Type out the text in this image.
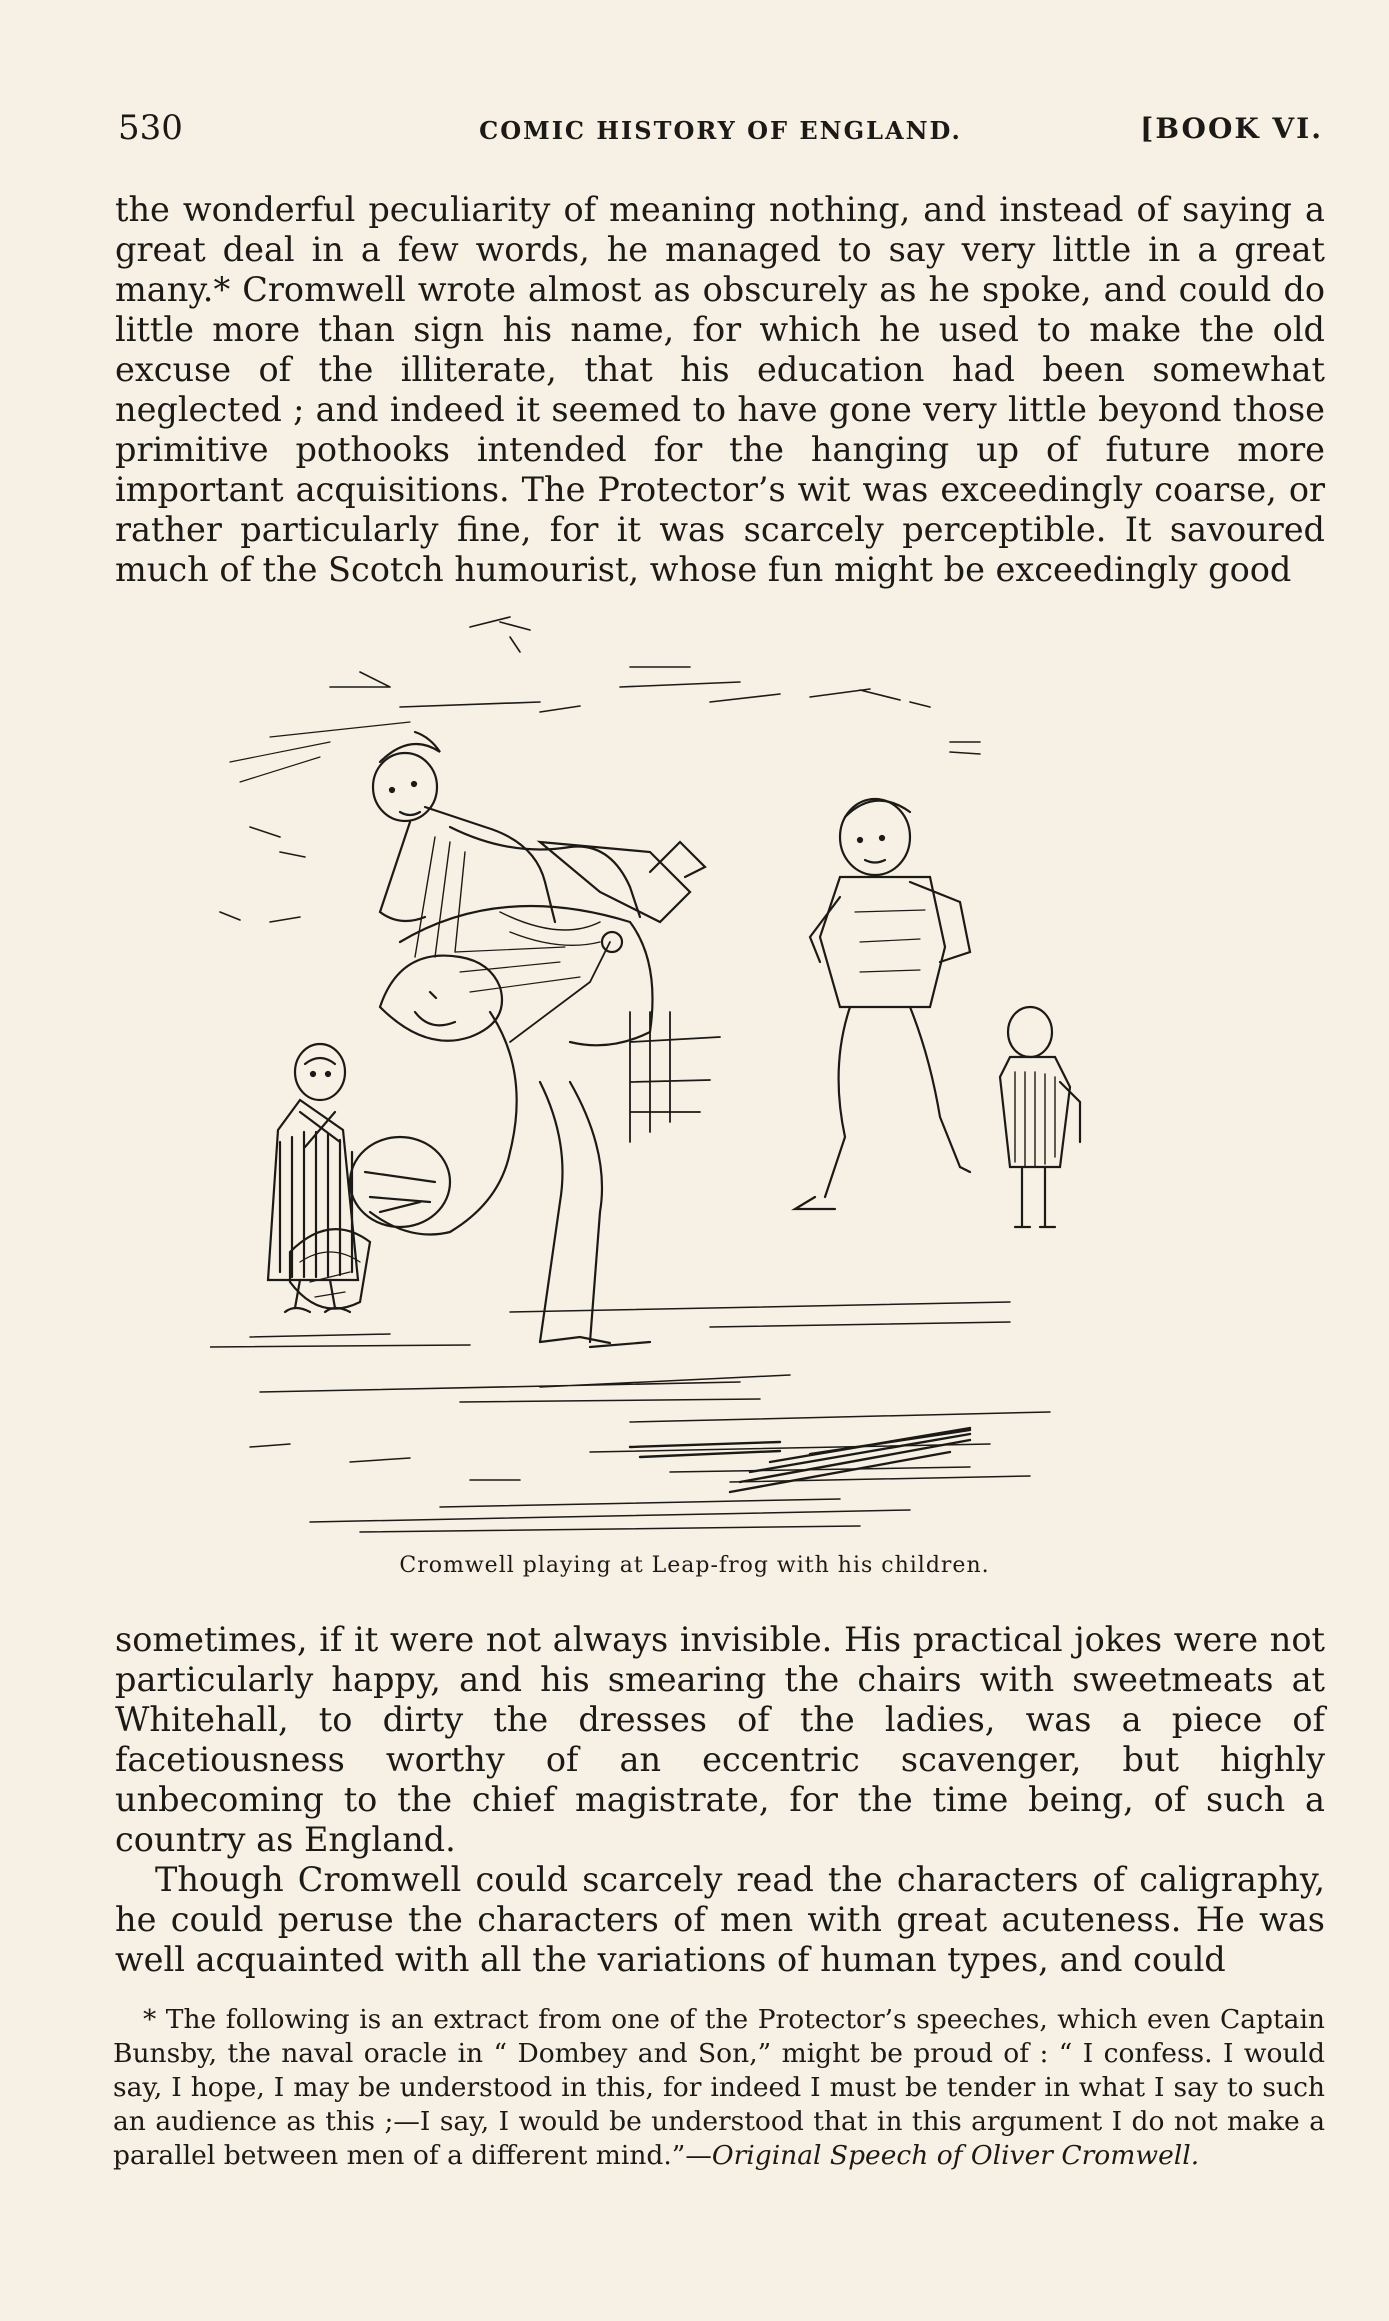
530	COMIC HISTORY OF ENGLAND.	[BOOK VI.

the wonderful peculiarity of meaning nothing, and instead of saying a great deal in a few words, he managed to say very little in a great many.* Cromwell wrote almost as obscurely as he spoke, and could do little more than sign his name, for which he used to make the old excuse of the illiterate, that his education had been somewhat neglected ; and indeed it seemed to have gone very little beyond those primitive pothooks intended for the hanging up of future more important acquisitions. The Protector’s wit was exceedingly coarse, or rather particularly fine, for it was scarcely perceptible. It savoured much of the Scotch humourist, whose fun might be exceedingly good

Cromwell playing at Leap-frog with his children.

sometimes, if it were not always invisible. His practical jokes were not particularly happy, and his smearing the chairs with sweetmeats at Whitehall, to dirty the dresses of the ladies, was a piece of facetiousness worthy of an eccentric scavenger, but highly unbecoming to the chief magistrate, for the time being, of such a country as England.

Though Cromwell could scarcely read the characters of caligraphy, he could peruse the characters of men with great acuteness. He was well acquainted with all the variations of human types, and could

* The following is an extract from one of the Protector’s speeches, which even Captain Bunsby, the naval oracle in “ Dombey and Son,” might be proud of : “ I confess. I would say, I hope, I may be understood in this, for indeed I must be tender in what I say to such an audience as this ;—I say, I would be understood that in this argument I do not make a parallel between men of a different mind.”—Original Speech of Oliver Cromwell.
